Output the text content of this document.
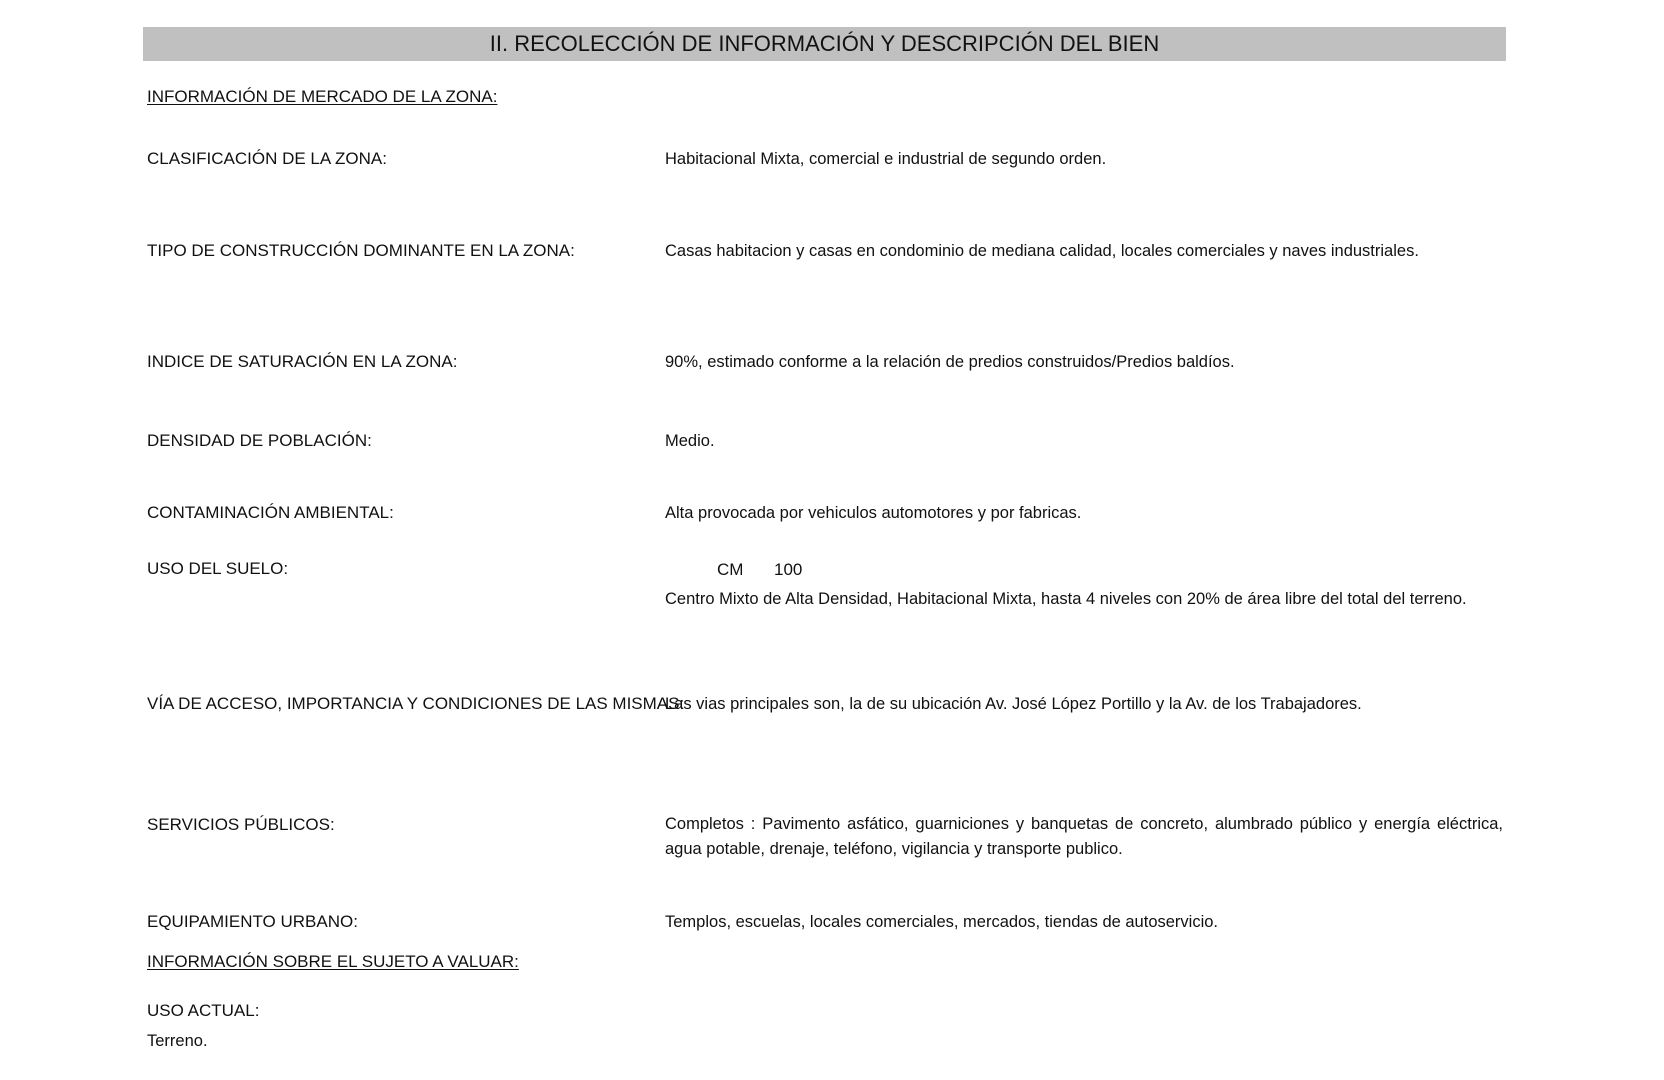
II. RECOLECCIÓN DE INFORMACIÓN Y DESCRIPCIÓN DEL BIEN
INFORMACIÓN DE MERCADO DE LA ZONA:
CLASIFICACIÓN DE LA ZONA:	Habitacional Mixta, comercial e industrial de segundo orden.
TIPO DE CONSTRUCCIÓN DOMINANTE EN LA ZONA:	Casas habitacion y casas en condominio de mediana calidad, locales comerciales y naves industriales.
INDICE DE SATURACIÓN EN LA ZONA:	90%, estimado conforme a la relación de predios construidos/Predios baldíos.
DENSIDAD DE POBLACIÓN:	Medio.
CONTAMINACIÓN AMBIENTAL:	Alta provocada por vehiculos automotores y por fabricas.
USO DEL SUELO:	CM 100
Centro Mixto de Alta Densidad, Habitacional Mixta, hasta 4 niveles con 20% de área libre del total del terreno.
VÍA DE ACCESO, IMPORTANCIA Y CONDICIONES DE LAS MISMAS:
Las vias principales son, la de su ubicación Av. José López Portillo y la Av. de los Trabajadores.
SERVICIOS PÚBLICOS:	Completos : Pavimento asfático, guarniciones y banquetas de concreto, alumbrado público y energía eléctrica, agua potable, drenaje, teléfono, vigilancia y transporte publico.
EQUIPAMIENTO URBANO:	Templos, escuelas, locales comerciales, mercados, tiendas de autoservicio.
INFORMACIÓN SOBRE EL SUJETO A VALUAR:
USO ACTUAL:
Terreno.
